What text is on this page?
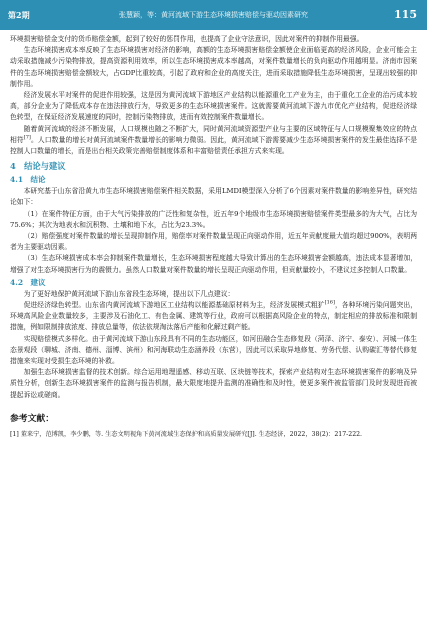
第2期	张慧颖，等：黄河流域下游生态环境损害赔偿与驱动因素研究	115

环境损害赔偿金支付的货币赔偿金额，起到了较好的惩罚作用，也提高了企业守法意识，因此对案件的抑制作用最强。

生态环境损害成本率反映了生态环境损害对经济的影响，高额的生态环境损害赔偿金额使企业面临更高的经济风险，企业可能会主动采取措施减少污染物排放，提高资源利用效率，所以生态环境损害成本率越高，对案件数量增长的负向驱动作用越明显。济南市因案件的生态环境损害赔偿金额较大，占GDP比重较高，引起了政府和企业的高度关注，进而采取措施降低生态环境损害，呈现出较强的抑制作用。

经济发展水平对案件的促进作用较强，这是因为黄河流域下游地区产业结构以能源重化工产业为主，由于重化工企业的治污成本较高，部分企业为了降低成本存在违法排放行为，导致更多的生态环境损害案件。这就需要黄河流域下游九市优化产业结构，促进经济绿色转型，在保证经济发展速度的同时，控制污染物排放，进而有效控制案件数量增长。

随着黄河流域的经济不断发展，人口规模也随之不断扩大，同时黄河流域资源型产业与主要的区域特征与人口规模聚集效应的特点相符[7]。人口数量的增长对黄河流域案件数量增长的影响力微弱。因此，黄河流域下游需要减少生态环境损害案件的发生最佳选择不是控制人口数量的增长，而是出台相关政策完善赔偿制度体系和丰富赔偿责任承担方式来实现。

4　结论与建议

4.1　结论

本研究基于山东省沿黄九市生态环境损害赔偿案件相关数据，采用LMDI模型深入分析了6个因素对案件数量的影响差异性，研究结论如下：

（1）在案件特征方面，由于大气污染排放的广泛性和复杂性，近五年9个地级市生态环境损害赔偿案件类型最多的为大气，占比为75.6%；其次为地表水和沉积物、土壤和地下水，占比为23.3%。

（2）赔偿强度对案件数量的增长呈现抑制作用，赔偿率对案件数量呈现正向驱动作用，近五年贡献度最大值均超过900%，表明两者为主要驱动因素。

（3）生态环境损害成本率会抑制案件数量增长，生态环境损害程度越大导致计算出的生态环境损害金额越高，违法成本显著增加，增强了对生态环境损害行为的震慑力。虽然人口数量对案件数量的增长呈现正向驱动作用，但贡献量较小，不建议过多控制人口数量。

4.2　建议

为了更好地保护黄河流域下游山东省段生态环境，提出以下几点建议：

促进经济绿色转型。山东省内黄河流域下游地区工业结构以能源基础原材料为主，经济发展模式粗犷[16]，各种环境污染问题突出，环境高风险企业数量较多，主要涉及石油化工、有色金属、建筑等行业，政府可以根据高风险企业的特点，制定相应的排放标准和限制措施，例如限制排放浓度、排放总量等，依法依规淘汰落后产能和化解过剩产能。

实现赔偿模式多样化。由于黄河流域下游山东段具有不同的生态功能区，如河田融合生态修复段（菏泽、济宁、泰安）、河城一体生态景观段（聊城、济南、德州、淄博、滨州）和河海联动生态涵养段（东营），因此可以采取异地修复、劳务代偿、认购碳汇等替代修复措施来实现对受损生态环境的补救。

加强生态环境损害监督的技术创新。综合运用地理遥感、移动互联、区块链等技术，探索产业结构对生态环境损害案件的影响及异质性分析，创新生态环境损害案件的监测与报告机制，最大限度地提升监测的准确性和及时性，使更多案件被监管部门及时发现进而被提起诉讼或磋商。

参考文献：

[1] 董来宁，范博凯，李少鹏，等. 生态文明视角下黄河流域生态保护和高质量发展研究[J]. 生态经济，2022，38(2)：217-222.
